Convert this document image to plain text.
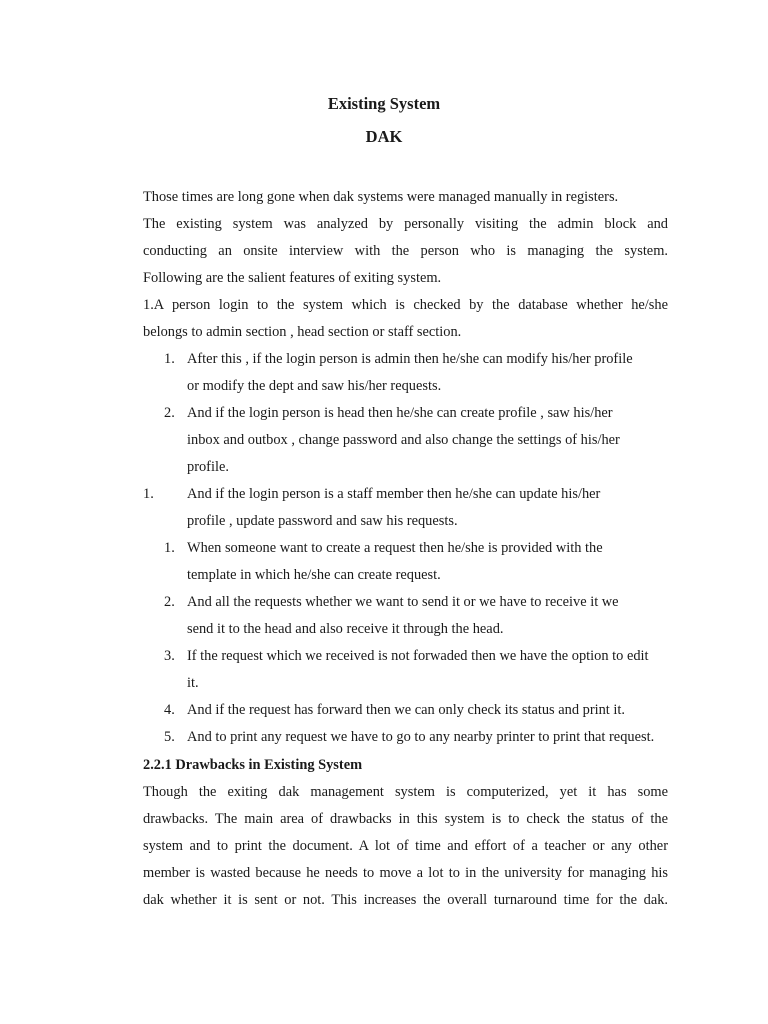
Existing System
DAK
Those times are long gone when dak systems were managed manually in registers.
The existing system was analyzed by personally visiting the admin block and
conducting an onsite interview with the person who is managing the system.
Following are the salient features of exiting system.
1.A person login to the system which is checked by the database whether he/she
belongs to admin section , head section or staff section.
1. After this , if the login person is admin then he/she can modify his/her profile
or modify the dept and saw his/her requests.
2. And if the login person is head then he/she can create profile , saw his/her
inbox and outbox , change password and also change the settings of his/her
profile.
1. And if the login person is a staff member then he/she can update his/her
profile , update password and saw his requests.
1. When someone want to create a request then he/she is provided with the
template in which he/she can create request.
2. And all the requests whether we want to send it or we have to receive it we
send it to the head and also receive it through the head.
3. If the request which we received is not forwaded then we have the option to edit
it.
4. And if the request has forward then we can only check its status and print it.
5. And to print any request we have to go to any nearby printer to print that request.
2.2.1 Drawbacks in Existing System
Though the exiting dak management system is computerized, yet it has some
drawbacks. The main area of drawbacks in this system is to check the status of the
system and to print the document. A lot of time and effort of a teacher or any other
member is wasted because he needs to move a lot to in the university for managing his
dak whether it is sent or not. This increases the overall turnaround time for the dak.
